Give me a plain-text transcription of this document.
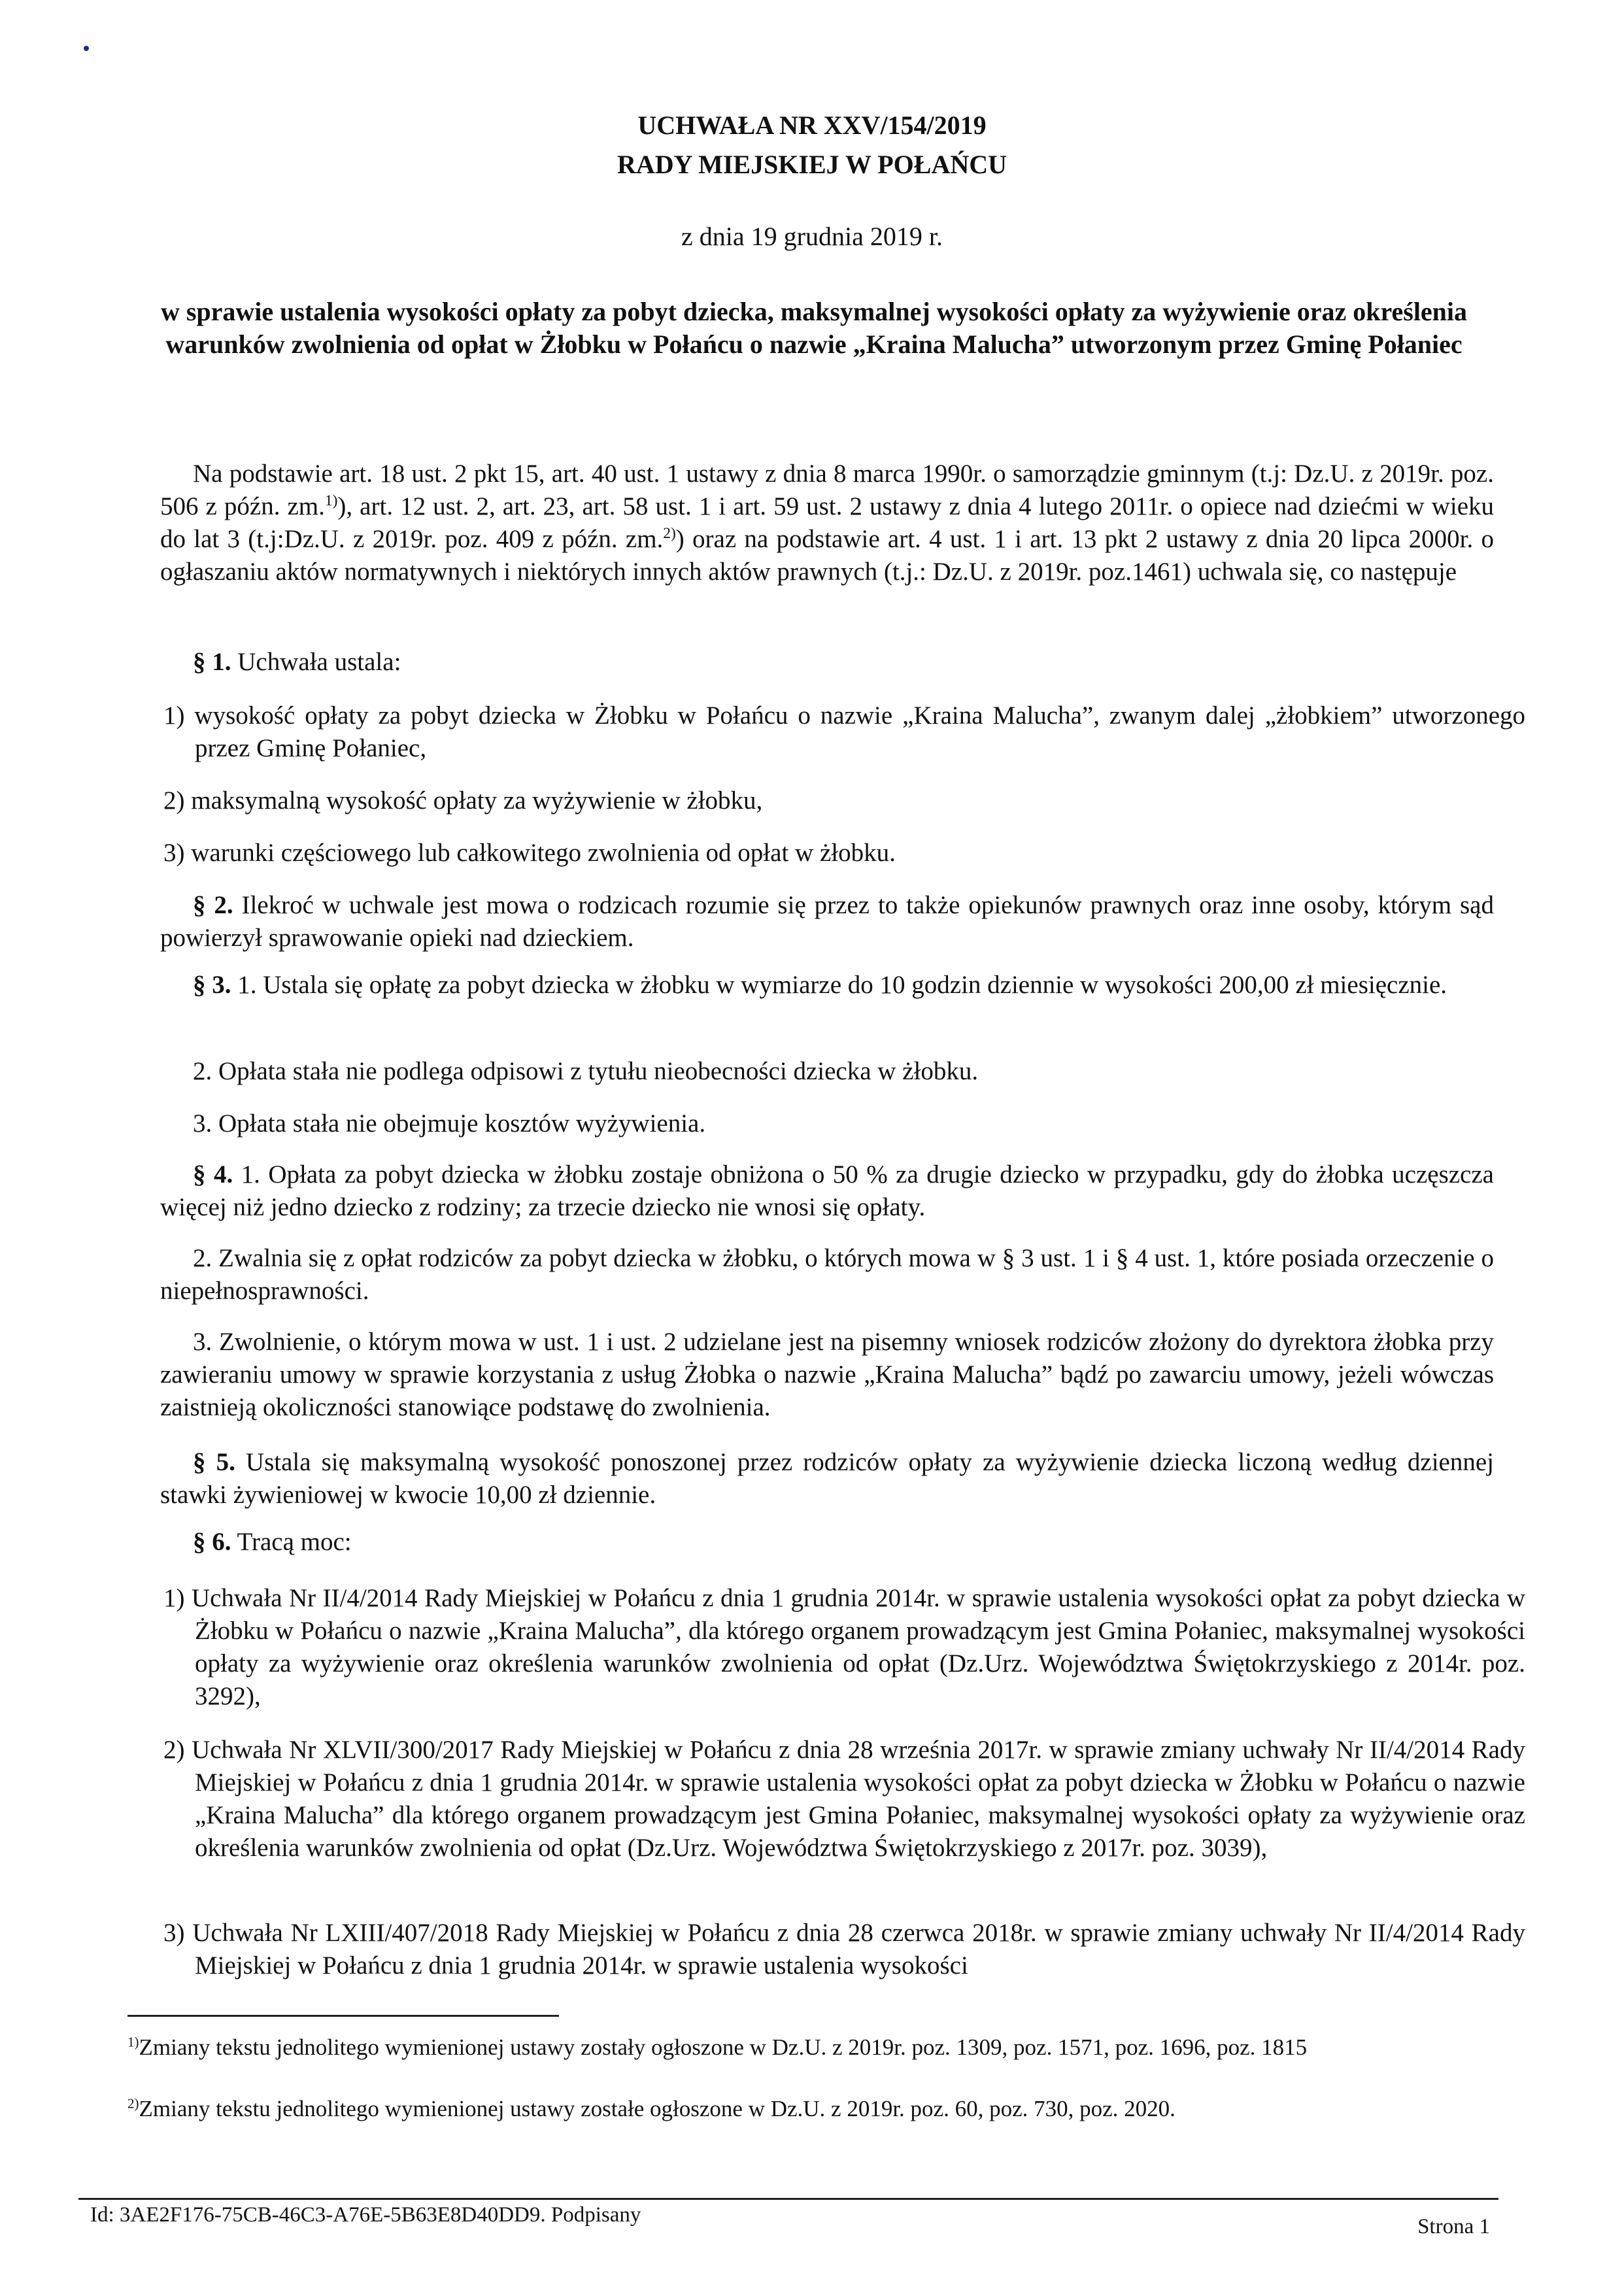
UCHWAŁA NR XXV/154/2019
RADY MIEJSKIEJ W POŁAŃCU
z dnia 19 grudnia 2019 r.
w sprawie ustalenia wysokości opłaty za pobyt dziecka, maksymalnej wysokości opłaty za wyżywienie oraz określenia warunków zwolnienia od opłat w Żłobku w Połańcu o nazwie „Kraina Malucha” utworzonym przez Gminę Połaniec

Na podstawie art. 18 ust. 2 pkt 15, art. 40 ust. 1 ustawy z dnia 8 marca 1990r. o samorządzie gminnym (t.j: Dz.U. z 2019r. poz. 506 z późn. zm.$^{1)}$), art. 12 ust. 2, art. 23, art. 58 ust. 1 i art. 59 ust. 2 ustawy z dnia 4 lutego 2011r. o opiece nad dziećmi w wieku do lat 3 (t.j:Dz.U. z 2019r. poz. 409 z późn. zm.$^{2)}$) oraz na podstawie art. 4 ust. 1 i art. 13 pkt 2 ustawy z dnia 20 lipca 2000r. o ogłaszaniu aktów normatywnych i niektórych innych aktów prawnych (t.j.: Dz.U. z 2019r. poz.1461) uchwala się, co następuje

§ 1. Uchwała ustala:

1) wysokość opłaty za pobyt dziecka w Żłobku w Połańcu o nazwie „Kraina Malucha”, zwanym dalej „żłobkiem” utworzonego przez Gminę Połaniec,
2) maksymalną wysokość opłaty za wyżywienie w żłobku,
3) warunki częściowego lub całkowitego zwolnienia od opłat w żłobku.

§ 2. Ilekroć w uchwale jest mowa o rodzicach rozumie się przez to także opiekunów prawnych oraz inne osoby, którym sąd powierzył sprawowanie opieki nad dzieckiem.

§ 3. 1. Ustala się opłatę za pobyt dziecka w żłobku w wymiarze do 10 godzin dziennie w wysokości 200,00 zł miesięcznie.

2. Opłata stała nie podlega odpisowi z tytułu nieobecności dziecka w żłobku.

3. Opłata stała nie obejmuje kosztów wyżywienia.

§ 4. 1. Opłata za pobyt dziecka w żłobku zostaje obniżona o 50 % za drugie dziecko w przypadku, gdy do żłobka uczęszcza więcej niż jedno dziecko z rodziny; za trzecie dziecko nie wnosi się opłaty.

2. Zwalnia się z opłat rodziców za pobyt dziecka w żłobku, o których mowa w § 3 ust. 1 i § 4 ust. 1, które posiada orzeczenie o niepełnosprawności.

3. Zwolnienie, o którym mowa w ust. 1 i ust. 2 udzielane jest na pisemny wniosek rodziców złożony do dyrektora żłobka przy zawieraniu umowy w sprawie korzystania z usług Żłobka o nazwie „Kraina Malucha” bądź po zawarciu umowy, jeżeli wówczas zaistnieją okoliczności stanowiące podstawę do zwolnienia.

§ 5. Ustala się maksymalną wysokość ponoszonej przez rodziców opłaty za wyżywienie dziecka liczoną według dziennej stawki żywieniowej w kwocie 10,00 zł dziennie.

§ 6. Tracą moc:

1) Uchwała Nr II/4/2014 Rady Miejskiej w Połańcu z dnia 1 grudnia 2014r. w sprawie ustalenia wysokości opłat za pobyt dziecka w Żłobku w Połańcu o nazwie „Kraina Malucha”, dla którego organem prowadzącym jest Gmina Połaniec, maksymalnej wysokości opłaty za wyżywienie oraz określenia warunków zwolnienia od opłat (Dz.Urz. Województwa Świętokrzyskiego z 2014r. poz. 3292),
2) Uchwała Nr XLVII/300/2017 Rady Miejskiej w Połańcu z dnia 28 września 2017r. w sprawie zmiany uchwały Nr II/4/2014 Rady Miejskiej w Połańcu z dnia 1 grudnia 2014r. w sprawie ustalenia wysokości opłat za pobyt dziecka w Żłobku w Połańcu o nazwie „Kraina Malucha” dla którego organem prowadzącym jest Gmina Połaniec, maksymalnej wysokości opłaty za wyżywienie oraz określenia warunków zwolnienia od opłat (Dz.Urz. Województwa Świętokrzyskiego z 2017r. poz. 3039),
3) Uchwała Nr LXIII/407/2018 Rady Miejskiej w Połańcu z dnia 28 czerwca 2018r. w sprawie zmiany uchwały Nr II/4/2014 Rady Miejskiej w Połańcu z dnia 1 grudnia 2014r. w sprawie ustalenia wysokości
$^{1)}$Zmiany tekstu jednolitego wymienionej ustawy zostały ogłoszone w Dz.U. z 2019r. poz. 1309, poz. 1571, poz. 1696, poz. 1815
$^{2)}$Zmiany tekstu jednolitego wymienionej ustawy zostałe ogłoszone w Dz.U. z 2019r. poz. 60, poz. 730, poz. 2020.
Id: 3AE2F176-75CB-46C3-A76E-5B63E8D40DD9. Podpisany	Strona 1
